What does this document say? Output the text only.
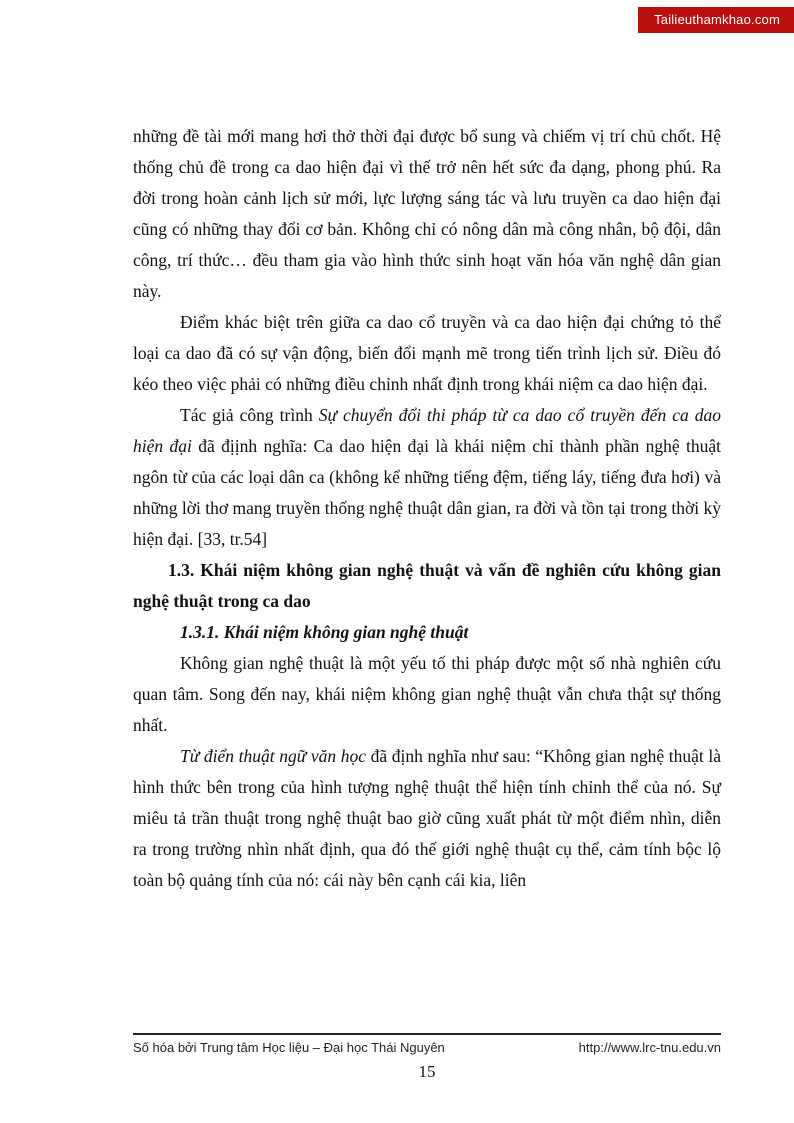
Tailieuthamkhao.com

những đề tài mới mang hơi thở thời đại được bổ sung và chiếm vị trí chủ chốt. Hệ thống chủ đề trong ca dao hiện đại vì thế trở nên hết sức đa dạng, phong phú. Ra đời trong hoàn cảnh lịch sử mới, lực lượng sáng tác và lưu truyền ca dao hiện đại cũng có những thay đổi cơ bản. Không chỉ có nông dân mà công nhân, bộ đội, dân công, trí thức… đều tham gia vào hình thức sinh hoạt văn hóa văn nghệ dân gian này.

Điểm khác biệt trên giữa ca dao cổ truyền và ca dao hiện đại chứng tỏ thể loại ca dao đã có sự vận động, biến đổi mạnh mẽ trong tiến trình lịch sử. Điều đó kéo theo việc phải có những điều chỉnh nhất định trong khái niệm ca dao hiện đại.

Tác giả công trình Sự chuyển đổi thi pháp từ ca dao cổ truyền đến ca dao hiện đại đã địịnh nghĩa: Ca dao hiện đại là khái niệm chỉ thành phần nghệ thuật ngôn từ của các loại dân ca (không kể những tiếng đệm, tiếng láy, tiếng đưa hơi) và những lời thơ mang truyền thống nghệ thuật dân gian, ra đời và tồn tại trong thời kỳ hiện đại. [33, tr.54]

1.3. Khái niệm không gian nghệ thuật và vấn đề nghiên cứu không gian nghệ thuật trong ca dao

1.3.1. Khái niệm không gian nghệ thuật

Không gian nghệ thuật là một yếu tố thi pháp được một số nhà nghiên cứu quan tâm. Song đến nay, khái niệm không gian nghệ thuật vẫn chưa thật sự thống nhất.

Từ điển thuật ngữ văn học đã định nghĩa như sau: “Không gian nghệ thuật là hình thức bên trong của hình tượng nghệ thuật thể hiện tính chỉnh thể của nó. Sự miêu tả trần thuật trong nghệ thuật bao giờ cũng xuất phát từ một điểm nhìn, diễn ra trong trường nhìn nhất định, qua đó thế giới nghệ thuật cụ thể, cảm tính bộc lộ toàn bộ quảng tính của nó: cái này bên cạnh cái kia, liên

Số hóa bởi Trung tâm Học liệu – Đại học Thái Nguyên	http://www.lrc-tnu.edu.vn
15
